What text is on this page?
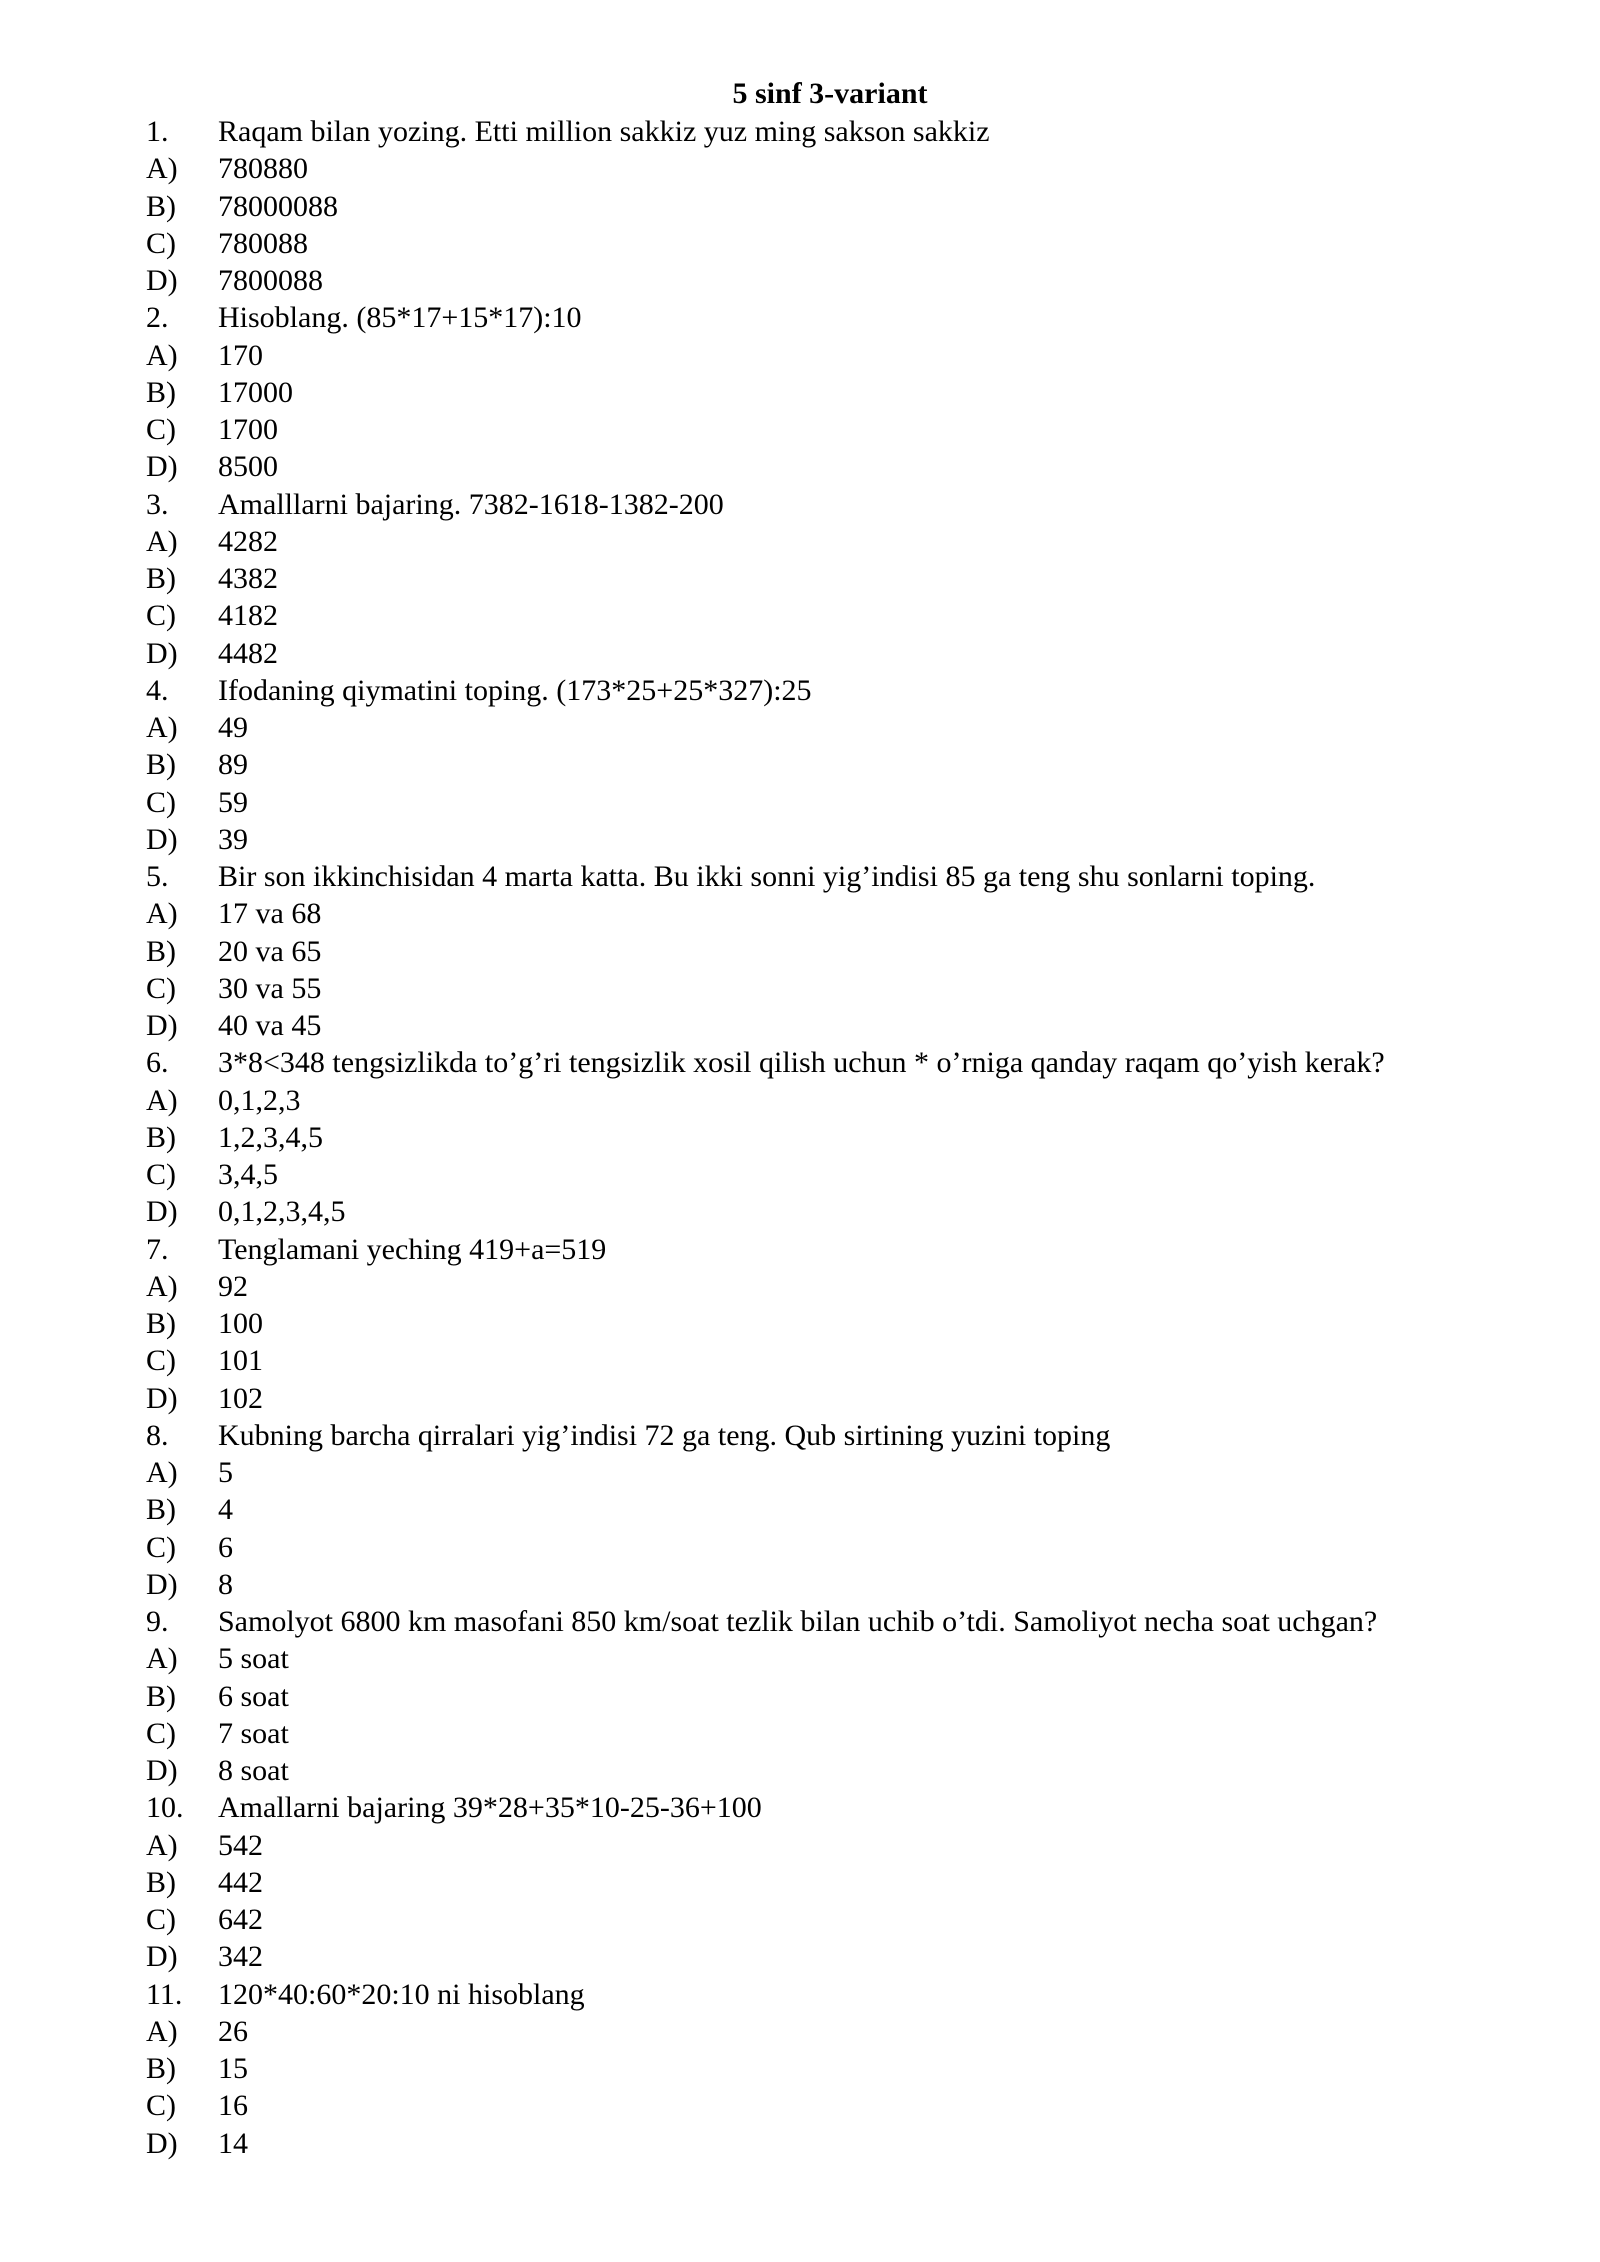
5 sinf 3-variant
1.	Raqam bilan yozing. Etti million sakkiz yuz ming sakson sakkiz
A)	780880
B)	78000088
C)	780088
D)	7800088
2.	Hisoblang. (85*17+15*17):10
A)	170
B)	17000
C)	1700
D)	8500
3.	Amalllarni bajaring. 7382-1618-1382-200
A)	4282
B)	4382
C)	4182
D)	4482
4.	Ifodaning qiymatini toping. (173*25+25*327):25
A)	49
B)	89
C)	59
D)	39
5.	Bir son ikkinchisidan 4 marta katta. Bu ikki sonni yig’indisi 85 ga teng shu sonlarni toping.
A)	17 va 68
B)	20 va 65
C)	30 va 55
D)	40 va 45
6.	3*8<348 tengsizlikda to’g’ri tengsizlik xosil qilish uchun * o’rniga qanday raqam qo’yish kerak?
A)	0,1,2,3
B)	1,2,3,4,5
C)	3,4,5
D)	0,1,2,3,4,5
7.	Tenglamani yeching 419+a=519
A)	92
B)	100
C)	101
D)	102
8.	Kubning barcha qirralari yig’indisi 72 ga teng. Qub sirtining yuzini toping
A)	5
B)	4
C)	6
D)	8
9.	Samolyot 6800 km masofani 850 km/soat tezlik bilan uchib o’tdi. Samoliyot necha soat uchgan?
A)	5 soat
B)	6 soat
C)	7 soat
D)	8 soat
10.	Amallarni bajaring 39*28+35*10-25-36+100
A)	542
B)	442
C)	642
D)	342
11.	120*40:60*20:10 ni hisoblang
A)	26
B)	15
C)	16
D)	14
